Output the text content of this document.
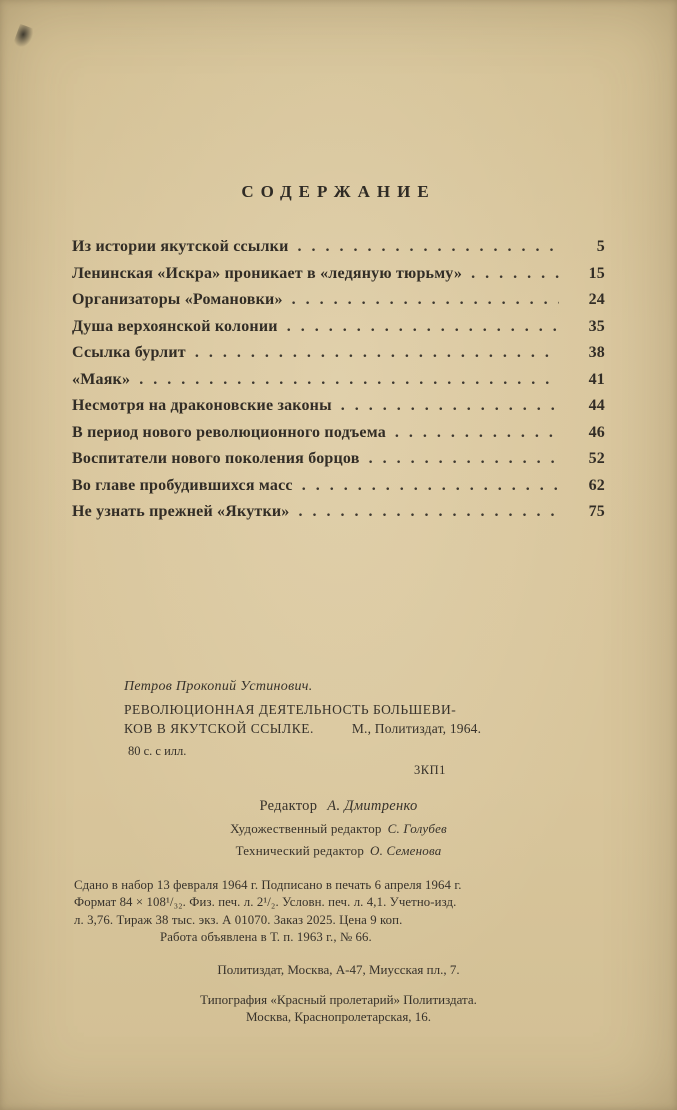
СОДЕРЖАНИЕ
Из истории якутской ссылки . . .	5
Ленинская «Искра» проникает в «ледяную тюрьму» . . .	15
Организаторы «Романовки» . . .	24
Душа верхоянской колонии . . .	35
Ссылка бурлит . . .	38
«Маяк» . . .	41
Несмотря на драконовские законы . . .	44
В период нового революционного подъема . . .	46
Воспитатели нового поколения борцов . . .	52
Во главе пробудившихся масс . . .	62
Не узнать прежней «Якутки» . . .	75
Петров Прокопий Устинович.
РЕВОЛЮЦИОННАЯ ДЕЯТЕЛЬНОСТЬ БОЛЬШЕВИ-
КОВ В ЯКУТСКОЙ ССЫЛКЕ.	М., Политиздат, 1964.
80 с. с илл.
3КП1
Редактор А. Дмитренко
Художественный редактор С. Голубев
Технический редактор О. Семенова
Сдано в набор 13 февраля 1964 г. Подписано в печать 6 апреля 1964 г.
Формат 84 × 108¹/₃₂. Физ. печ. л. 2¹/₂. Условн. печ. л. 4,1. Учетно-изд.
л. 3,76. Тираж 38 тыс. экз. А 01070. Заказ 2025. Цена 9 коп.
Работа объявлена в Т. п. 1963 г., № 66.
Политиздат, Москва, А-47, Миусская пл., 7.
Типография «Красный пролетарий» Политиздата.
Москва, Краснопролетарская, 16.
